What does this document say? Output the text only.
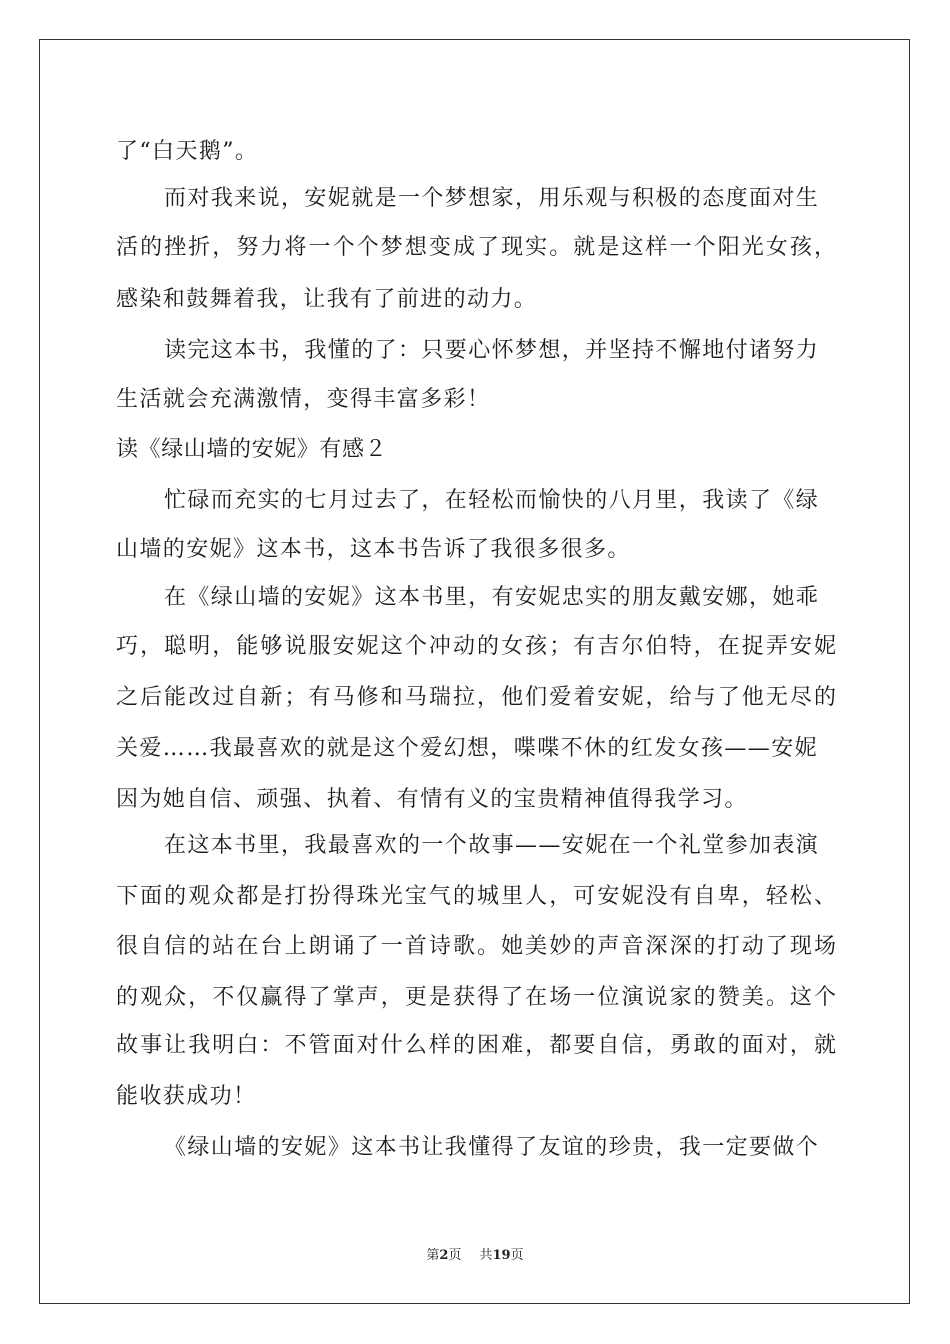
了“白天鹅”。
而对我来说，安妮就是一个梦想家，用乐观与积极的态度面对生
活的挫折，努力将一个个梦想变成了现实。就是这样一个阳光女孩，
感染和鼓舞着我，让我有了前进的动力。
读完这本书，我懂的了：只要心怀梦想，并坚持不懈地付诸努力
生活就会充满激情，变得丰富多彩！
读《绿山墙的安妮》有感２
忙碌而充实的七月过去了，在轻松而愉快的八月里，我读了《绿
山墙的安妮》这本书，这本书告诉了我很多很多。
在《绿山墙的安妮》这本书里，有安妮忠实的朋友戴安娜，她乖
巧，聪明，能够说服安妮这个冲动的女孩；有吉尔伯特，在捉弄安妮
之后能改过自新；有马修和马瑞拉，他们爱着安妮，给与了他无尽的
关爱……我最喜欢的就是这个爱幻想，喋喋不休的红发女孩——安妮
因为她自信、顽强、执着、有情有义的宝贵精神值得我学习。
在这本书里，我最喜欢的一个故事——安妮在一个礼堂参加表演
下面的观众都是打扮得珠光宝气的城里人，可安妮没有自卑，轻松、
很自信的站在台上朗诵了一首诗歌。她美妙的声音深深的打动了现场
的观众，不仅赢得了掌声，更是获得了在场一位演说家的赞美。这个
故事让我明白：不管面对什么样的困难，都要自信，勇敢的面对，就
能收获成功！
《绿山墙的安妮》这本书让我懂得了友谊的珍贵，我一定要做个
第2页 共19页
